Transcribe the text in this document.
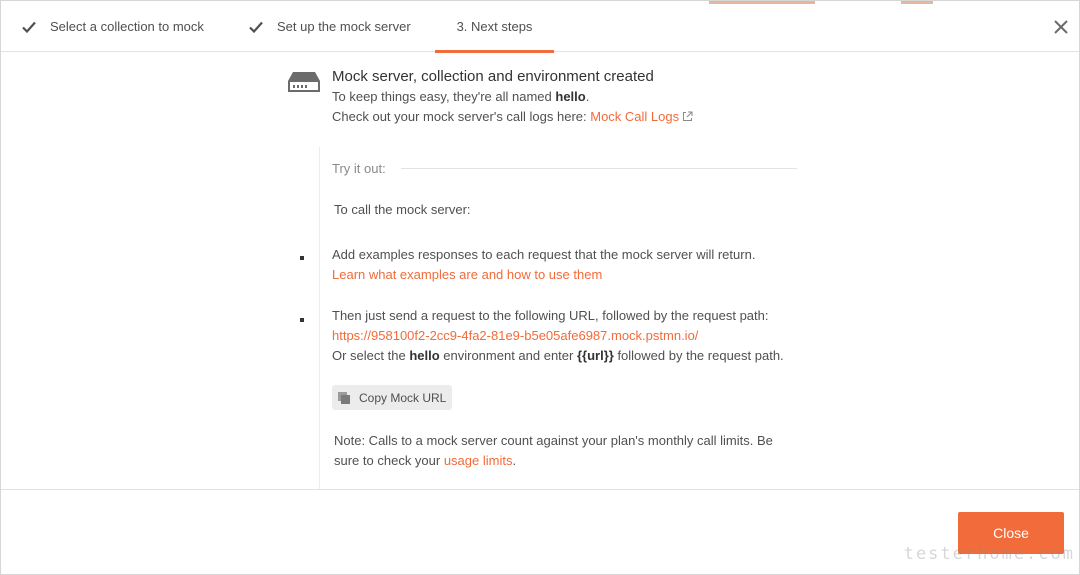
Select a collection to mock	Set up the mock server	3. Next steps
Mock server, collection and environment created
To keep things easy, they're all named hello.
Check out your mock server's call logs here: Mock Call Logs
Try it out:
To call the mock server:
Add examples responses to each request that the mock server will return.
Learn what examples are and how to use them
Then just send a request to the following URL, followed by the request path:
https://958100f2-2cc9-4fa2-81e9-b5e05afe6987.mock.pstmn.io/
Or select the hello environment and enter {{url}} followed by the request path.
Copy Mock URL
Note: Calls to a mock server count against your plan's monthly call limits. Be sure to check your usage limits.
Close
testerhome.com
